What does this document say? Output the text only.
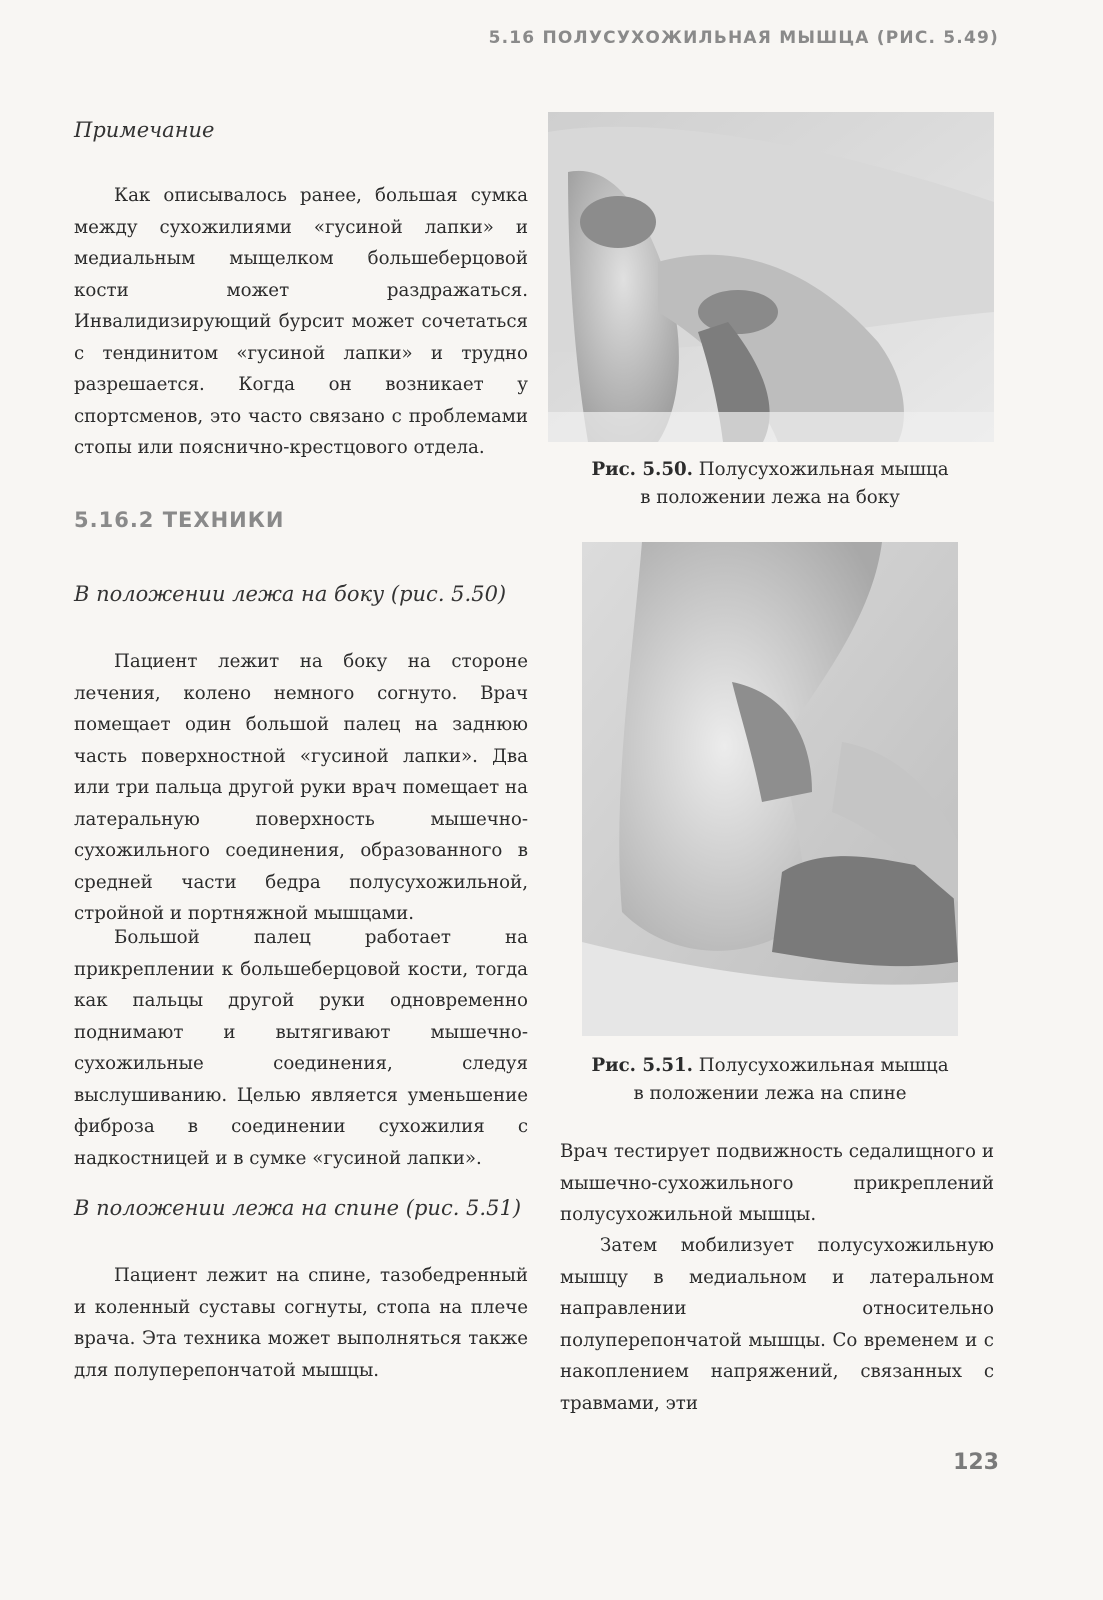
5.16 ПОЛУСУХОЖИЛЬНАЯ МЫШЦА (РИС. 5.49)

Примечание

Как описывалось ранее, большая сумка между сухожилиями «гусиной лапки» и медиальным мыщелком большеберцовой кости может раздражаться. Инвалидизирующий бурсит может сочетаться с тендинитом «гусиной лапки» и трудно разрешается. Когда он возникает у спортсменов, это часто связано с проблемами стопы или пояснично-крестцового отдела.

5.16.2 ТЕХНИКИ

В положении лежа на боку (рис. 5.50)

Пациент лежит на боку на стороне лечения, колено немного согнуто. Врач помещает один большой палец на заднюю часть поверхностной «гусиной лапки». Два или три пальца другой руки врач помещает на латеральную поверхность мышечно-сухожильного соединения, образованного в средней части бедра полусухожильной, стройной и портняжной мышцами.

Большой палец работает на прикреплении к большеберцовой кости, тогда как пальцы другой руки одновременно поднимают и вытягивают мышечно-сухожильные соединения, следуя выслушиванию. Целью является уменьшение фиброза в соединении сухожилия с надкостницей и в сумке «гусиной лапки».

В положении лежа на спине (рис. 5.51)

Пациент лежит на спине, тазобедренный и коленный суставы согнуты, стопа на плече врача. Эта техника может выполняться также для полуперепончатой мышцы.

Рис. 5.50. Полусухожильная мышца
в положении лежа на боку

Рис. 5.51. Полусухожильная мышца
в положении лежа на спине

Врач тестирует подвижность седалищного и мышечно-сухожильного прикреплений полусухожильной мышцы.

Затем мобилизует полусухожильную мышцу в медиальном и латеральном направлении относительно полуперепончатой мышцы. Со временем и с накоплением напряжений, связанных с травмами, эти

123
